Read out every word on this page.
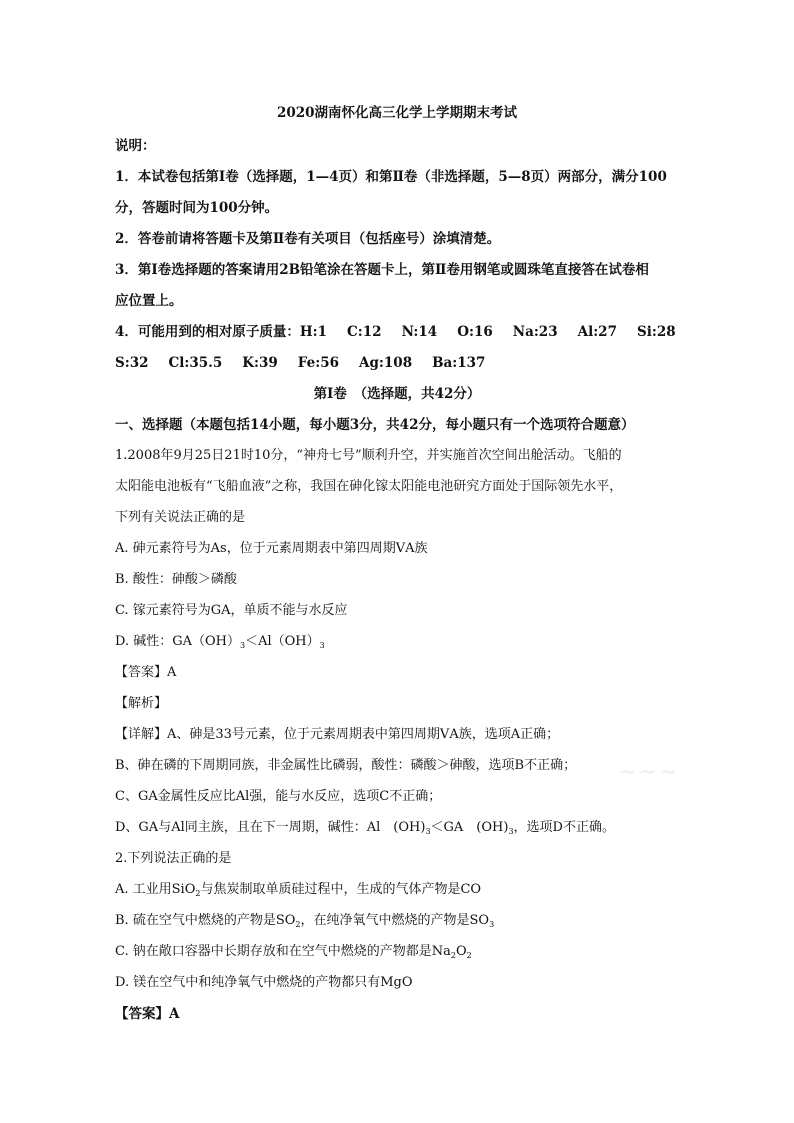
2020湖南怀化高三化学上学期期末考试
说明：
1．本试卷包括第Ⅰ卷（选择题，1—4页）和第Ⅱ卷（非选择题，5—8页）两部分，满分100
分，答题时间为100分钟。
2．答卷前请将答题卡及第Ⅱ卷有关项目（包括座号）涂填清楚。
3．第Ⅰ卷选择题的答案请用2B铅笔涂在答题卡上，第Ⅱ卷用钢笔或圆珠笔直接答在试卷相
应位置上。
4．可能用到的相对原子质量：H:1 C:12 N:14 O:16 Na:23 Al:27 Si:28
S:32 Cl:35.5 K:39 Fe:56 Ag:108 Ba:137
第Ⅰ卷　（选择题，共42分）
一、选择题（本题包括14小题，每小题3分，共42分，每小题只有一个选项符合题意）
1.2008年9月25日21时10分，“神舟七号”顺利升空，并实施首次空间出舱活动。飞船的
太阳能电池板有“飞船血液”之称，我国在砷化镓太阳能电池研究方面处于国际领先水平，
下列有关说法正确的是
A. 砷元素符号为As，位于元素周期表中第四周期ⅤA族
B. 酸性：砷酸＞磷酸
C. 镓元素符号为GA，单质不能与水反应
D. 碱性：$GA(OH)_3<Al(OH)_3$
【答案】A
【解析】
【详解】A、砷是33号元素，位于元素周期表中第四周期ⅤA族，选项A正确；
B、砷在磷的下周期同族，非金属性比磷弱，酸性：磷酸＞砷酸，选项B不正确；
C、GA金属性反应比Al强，能与水反应，选项C不正确；
D、GA与Al同主族，且在下一周期，碱性：Al　$(OH)_3<GA$　$(OH)_3$，选项D不正确。
2.下列说法正确的是
A. 工业用SiO$_2$与焦炭制取单质硅过程中，生成的气体产物是CO
B. 硫在空气中燃烧的产物是$SO_2$，在纯净氧气中燃烧的产物是$SO_3$
C. 钠在敞口容器中长期存放和在空气中燃烧的产物都是$Na_2O_2$
D. 镁在空气中和纯净氧气中燃烧的产物都只有MgO
【答案】A
~~~
